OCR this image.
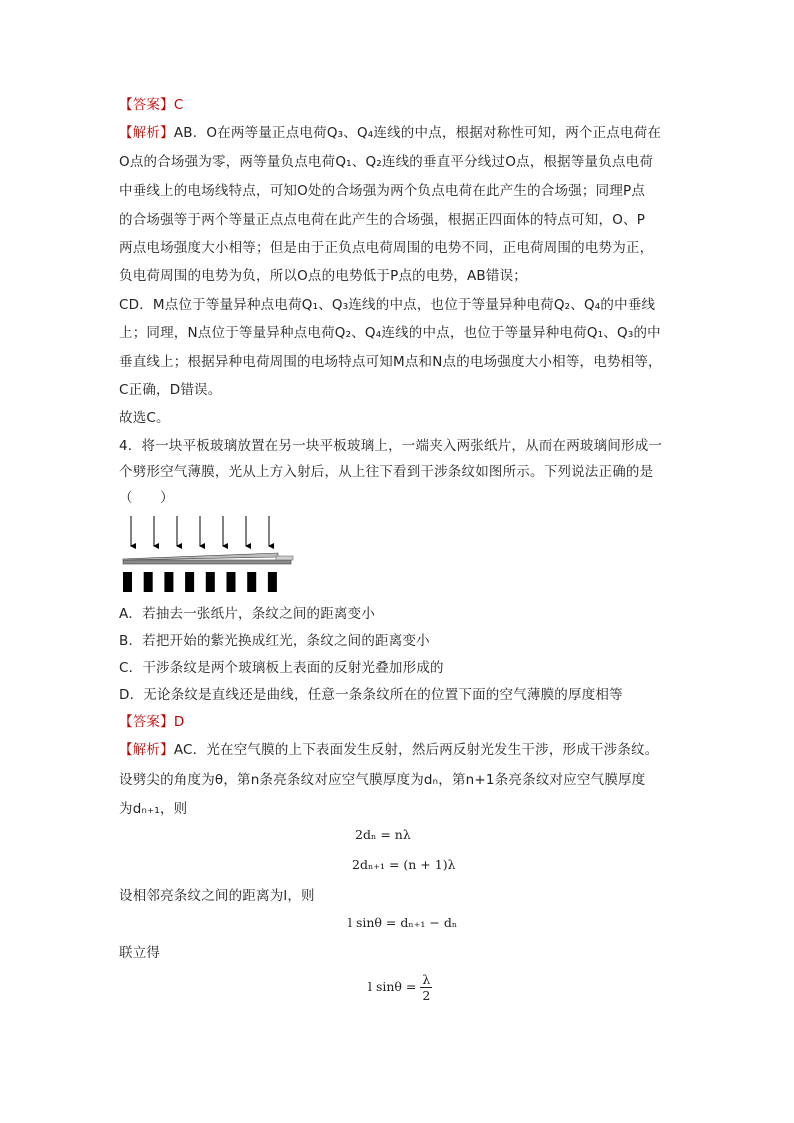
【答案】C
【解析】AB．O在两等量正点电荷Q₃、Q₄连线的中点，根据对称性可知，两个正点电荷在
O点的合场强为零，两等量负点电荷Q₁、Q₂连线的垂直平分线过O点，根据等量负点电荷
中垂线上的电场线特点，可知O处的合场强为两个负点电荷在此产生的合场强；同理P点
的合场强等于两个等量正点点电荷在此产生的合场强，根据正四面体的特点可知，O、P
两点电场强度大小相等；但是由于正负点电荷周围的电势不同，正电荷周围的电势为正，
负电荷周围的电势为负，所以O点的电势低于P点的电势，AB错误；
CD．M点位于等量异种点电荷Q₁、Q₃连线的中点，也位于等量异种电荷Q₂、Q₄的中垂线
上；同理，N点位于等量异种点电荷Q₂、Q₄连线的中点，也位于等量异种电荷Q₁、Q₃的中
垂直线上；根据异种电荷周围的电场特点可知M点和N点的电场强度大小相等，电势相等，
C正确，D错误。
故选C。
4．将一块平板玻璃放置在另一块平板玻璃上，一端夹入两张纸片，从而在两玻璃间形成一
个劈形空气薄膜，光从上方入射后，从上往下看到干涉条纹如图所示。下列说法正确的是
（　　）
A．若抽去一张纸片，条纹之间的距离变小
B．若把开始的紫光换成红光，条纹之间的距离变小
C．干涉条纹是两个玻璃板上表面的反射光叠加形成的
D．无论条纹是直线还是曲线，任意一条条纹所在的位置下面的空气薄膜的厚度相等
【答案】D
【解析】AC．光在空气膜的上下表面发生反射，然后两反射光发生干涉，形成干涉条纹。
设劈尖的角度为θ，第n条亮条纹对应空气膜厚度为dₙ，第n+1条亮条纹对应空气膜厚度
为dₙ₊₁，则
2dₙ = nλ
2dₙ₊₁ = (n + 1)λ
设相邻亮条纹之间的距离为l，则
l sinθ = dₙ₊₁ − dₙ
联立得
l $\sin\theta = \frac{\lambda}{2}$
